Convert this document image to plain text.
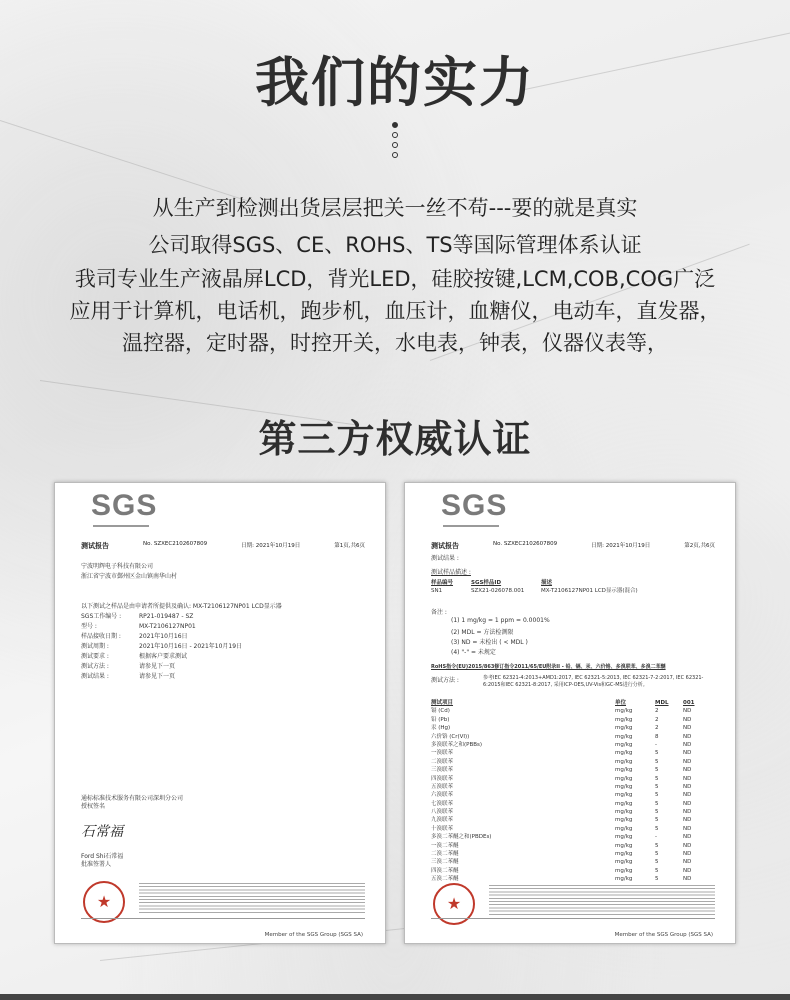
我们的实力
从生产到检测出货层层把关一丝不苟---要的就是真实
公司取得SGS、CE、ROHS、TS等国际管理体系认证
我司专业生产液晶屏LCD，背光LED，硅胶按键,LCM,COB,COG广泛
应用于计算机，电话机，跑步机，血压计，血糖仪，电动车，直发器，
温控器，定时器，时控开关，水电表，钟表，仪器仪表等，
第三方权威认证
SGS
测试报告	No. SZXEC2102607809	日期: 2021年10月19日	第1页,共6页
宁波明辉电子科技有限公司
浙江省宁波市鄞州区金山镇南华山村
以下测试之样品是由申请者所提供及确认: MX-T2106127NP01 LCD显示器
SGS工作编号 :	RP21-019487 - SZ
型号 :	MX-T2106127NP01
样品接收日期 :	2021年10月16日
测试周期 :	2021年10月16日 - 2021年10月19日
测试要求 :	根据客户要求测试
测试方法 :	请参见下一页
测试结果 :	请参见下一页
通标标准技术服务有限公司深圳分公司
授权签名
石常福
Ford Shi石常福
批准签署人
★

Member of the SGS Group (SGS SA)
SGS
测试报告	No. SZXEC2102607809	日期: 2021年10月19日	第2页,共6页
测试结果 :
测试样品描述 :
样品编号	SGS样品ID	描述
SN1	SZX21-026078.001	MX-T2106127NP01 LCD显示器(混合)
备注 :
(1) 1 mg/kg = 1 ppm = 0.0001%
(2) MDL = 方法检测限
(3) ND = 未检出 ( < MDL )
(4) "-" = 未规定
RoHS指令(EU)2015/863修订指令2011/65/EU附录II - 铅、镉、汞、六价铬、多溴联苯、多溴二苯醚
测试方法 :	参考IEC 62321-4:2013+AMD1:2017, IEC 62321-5:2013, IEC 62321-7-2:2017, IEC 62321-6:2015和IEC 62321-8:2017, 采用ICP-OES,UV-Vis和GC-MS进行分析。
测试项目	单位	MDL	001
镉 (Cd)	mg/kg	2	ND
铅 (Pb)	mg/kg	2	ND
汞 (Hg)	mg/kg	2	ND
六价铬 (Cr(VI))	mg/kg	8	ND
多溴联苯之和(PBBs)	mg/kg	-	ND
一溴联苯	mg/kg	5	ND
二溴联苯	mg/kg	5	ND
三溴联苯	mg/kg	5	ND
四溴联苯	mg/kg	5	ND
五溴联苯	mg/kg	5	ND
六溴联苯	mg/kg	5	ND
七溴联苯	mg/kg	5	ND
八溴联苯	mg/kg	5	ND
九溴联苯	mg/kg	5	ND
十溴联苯	mg/kg	5	ND
多溴二苯醚之和(PBDEs)	mg/kg	-	ND
一溴二苯醚	mg/kg	5	ND
二溴二苯醚	mg/kg	5	ND
三溴二苯醚	mg/kg	5	ND
四溴二苯醚	mg/kg	5	ND
五溴二苯醚	mg/kg	5	ND
★

Member of the SGS Group (SGS SA)
